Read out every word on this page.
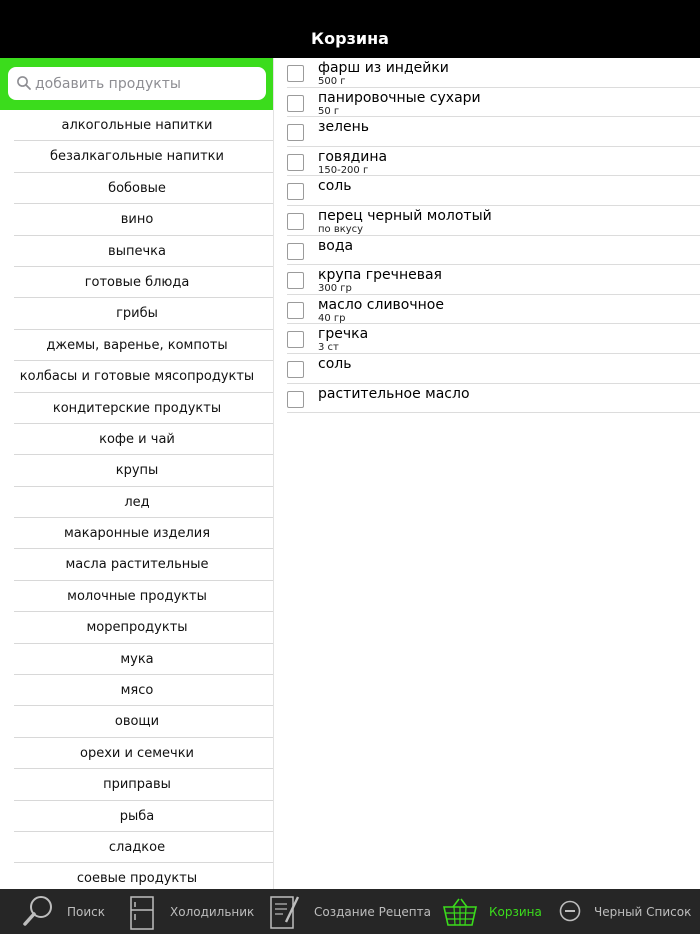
Корзина
добавить продукты
алкогольные напитки
безалкагольные напитки
бобовые
вино
выпечка
готовые блюда
грибы
джемы, варенье, компоты
колбасы и готовые мясопродукты
кондитерские продукты
кофе и чай
крупы
лед
макаронные изделия
масла растительные
молочные продукты
морепродукты
мука
мясо
овощи
орехи и семечки
приправы
рыба
сладкое
соевые продукты
фарш из индейки
500 г
панировочные сухари
50 г
зелень
говядина
150-200 г
соль
перец черный молотый
по вкусу
вода
крупа гречневая
300 гр
масло сливочное
40 гр
гречка
3 ст
соль
растительное масло
Поиск	Холодильник	Создание Рецепта	Корзина	Черный Список
